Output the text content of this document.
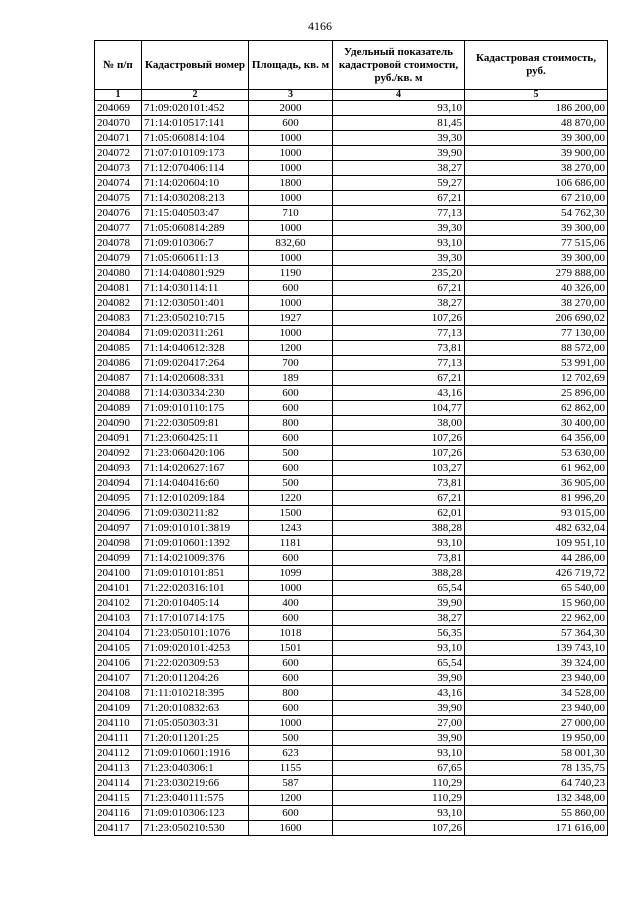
4166
№ п/п	Кадастровый номер	Площадь, кв. м	Удельный показатель кадастровой стоимости, руб./кв. м	Кадастровая стоимость, руб.
1	2	3	4	5
204069	71:09:020101:452	2000	93,10	186 200,00
204070	71:14:010517:141	600	81,45	48 870,00
204071	71:05:060814:104	1000	39,30	39 300,00
204072	71:07:010109:173	1000	39,90	39 900,00
204073	71:12:070406:114	1000	38,27	38 270,00
204074	71:14:020604:10	1800	59,27	106 686,00
204075	71:14:030208:213	1000	67,21	67 210,00
204076	71:15:040503:47	710	77,13	54 762,30
204077	71:05:060814:289	1000	39,30	39 300,00
204078	71:09:010306:7	832,60	93,10	77 515,06
204079	71:05:060611:13	1000	39,30	39 300,00
204080	71:14:040801:929	1190	235,20	279 888,00
204081	71:14:030114:11	600	67,21	40 326,00
204082	71:12:030501:401	1000	38,27	38 270,00
204083	71:23:050210:715	1927	107,26	206 690,02
204084	71:09:020311:261	1000	77,13	77 130,00
204085	71:14:040612:328	1200	73,81	88 572,00
204086	71:09:020417:264	700	77,13	53 991,00
204087	71:14:020608:331	189	67,21	12 702,69
204088	71:14:030334:230	600	43,16	25 896,00
204089	71:09:010110:175	600	104,77	62 862,00
204090	71:22:030509:81	800	38,00	30 400,00
204091	71:23:060425:11	600	107,26	64 356,00
204092	71:23:060420:106	500	107,26	53 630,00
204093	71:14:020627:167	600	103,27	61 962,00
204094	71:14:040416:60	500	73,81	36 905,00
204095	71:12:010209:184	1220	67,21	81 996,20
204096	71:09:030211:82	1500	62,01	93 015,00
204097	71:09:010101:3819	1243	388,28	482 632,04
204098	71:09:010601:1392	1181	93,10	109 951,10
204099	71:14:021009:376	600	73,81	44 286,00
204100	71:09:010101:851	1099	388,28	426 719,72
204101	71:22:020316:101	1000	65,54	65 540,00
204102	71:20:010405:14	400	39,90	15 960,00
204103	71:17:010714:175	600	38,27	22 962,00
204104	71:23:050101:1076	1018	56,35	57 364,30
204105	71:09:020101:4253	1501	93,10	139 743,10
204106	71:22:020309:53	600	65,54	39 324,00
204107	71:20:011204:26	600	39,90	23 940,00
204108	71:11:010218:395	800	43,16	34 528,00
204109	71:20:010832:63	600	39,90	23 940,00
204110	71:05:050303:31	1000	27,00	27 000,00
204111	71:20:011201:25	500	39,90	19 950,00
204112	71:09:010601:1916	623	93,10	58 001,30
204113	71:23:040306:1	1155	67,65	78 135,75
204114	71:23:030219:66	587	110,29	64 740,23
204115	71:23:040111:575	1200	110,29	132 348,00
204116	71:09:010306:123	600	93,10	55 860,00
204117	71:23:050210:530	1600	107,26	171 616,00
